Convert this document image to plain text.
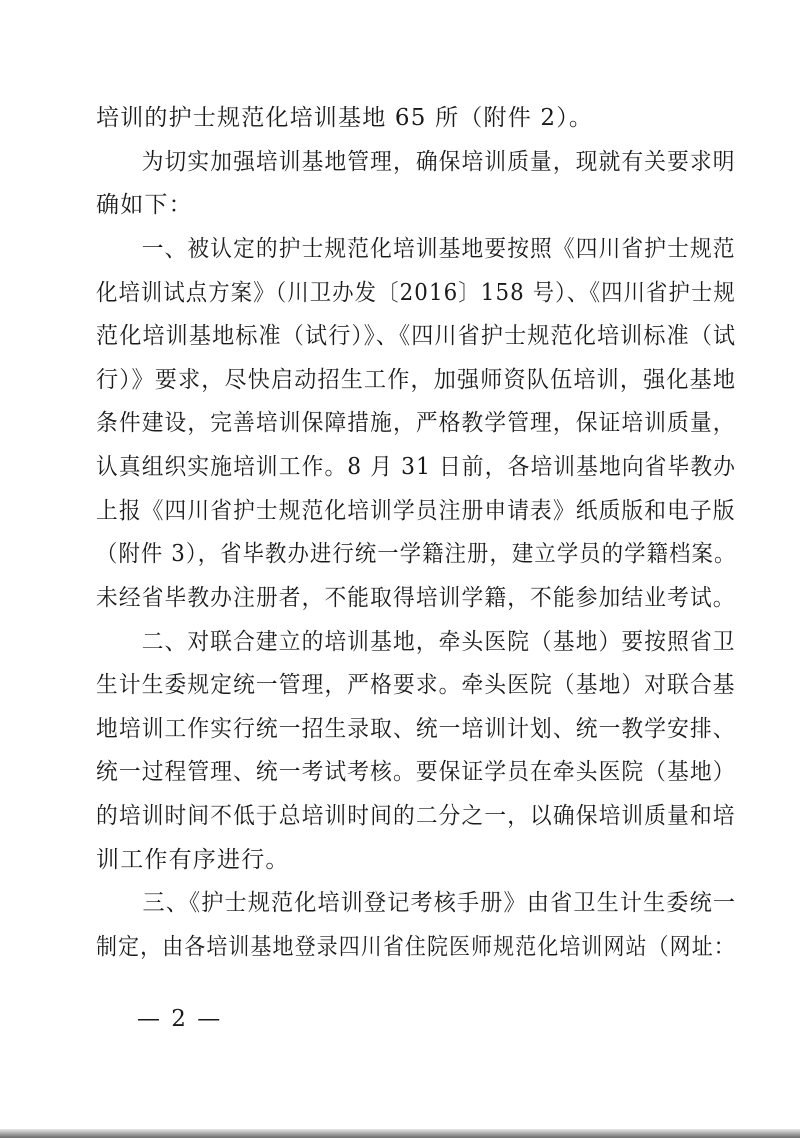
培训的护士规范化培训基地 65 所（附件 2）。
　　为切实加强培训基地管理，确保培训质量，现就有关要求明
确如下：
　　一、被认定的护士规范化培训基地要按照《四川省护士规范
化培训试点方案》（川卫办发〔2016〕158 号）、《四川省护士规
范化培训基地标准（试行）》、《四川省护士规范化培训标准（试
行）》要求，尽快启动招生工作，加强师资队伍培训，强化基地
条件建设，完善培训保障措施，严格教学管理，保证培训质量，
认真组织实施培训工作。8 月 31 日前，各培训基地向省毕教办
上报《四川省护士规范化培训学员注册申请表》纸质版和电子版
（附件 3），省毕教办进行统一学籍注册，建立学员的学籍档案。
未经省毕教办注册者，不能取得培训学籍，不能参加结业考试。
　　二、对联合建立的培训基地，牵头医院（基地）要按照省卫
生计生委规定统一管理，严格要求。牵头医院（基地）对联合基
地培训工作实行统一招生录取、统一培训计划、统一教学安排、
统一过程管理、统一考试考核。要保证学员在牵头医院（基地）
的培训时间不低于总培训时间的二分之一，以确保培训质量和培
训工作有序进行。
　　三、《护士规范化培训登记考核手册》由省卫生计生委统一
制定，由各培训基地登录四川省住院医师规范化培训网站（网址：
— 2 —
